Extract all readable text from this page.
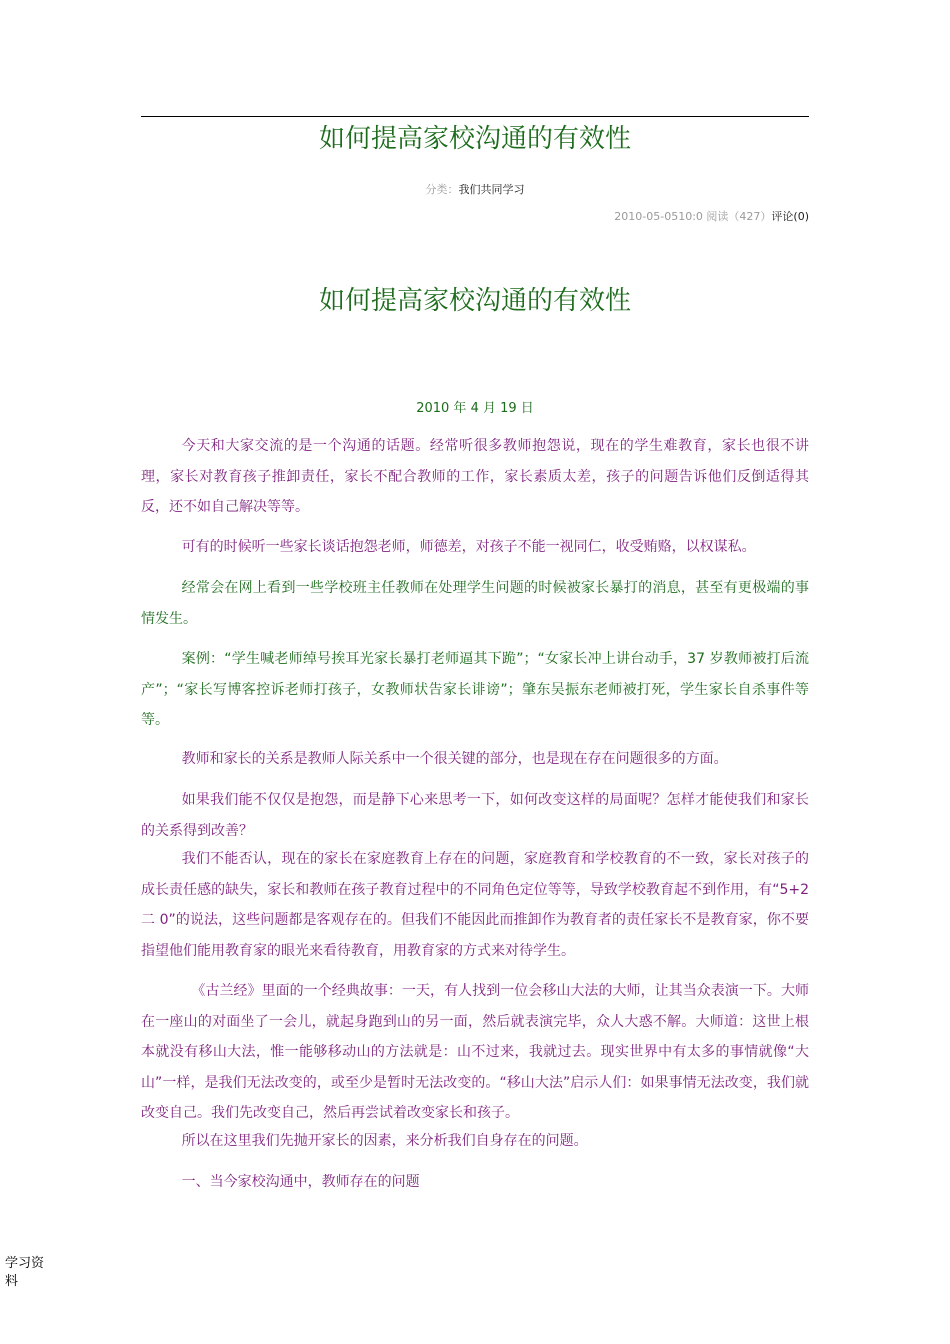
如何提高家校沟通的有效性
分类：我们共同学习
2010-05-0510:0 阅读（427）评论(0)
如何提高家校沟通的有效性
2010 年 4 月 19 日

今天和大家交流的是一个沟通的话题。经常听很多教师抱怨说，现在的学生难教育，家长也很不讲理，家长对教育孩子推卸责任，家长不配合教师的工作，家长素质太差，孩子的问题告诉他们反倒适得其反，还不如自己解决等等。

可有的时候听一些家长谈话抱怨老师，师德差，对孩子不能一视同仁，收受贿赂，以权谋私。

经常会在网上看到一些学校班主任教师在处理学生问题的时候被家长暴打的消息，甚至有更极端的事情发生。

案例：“学生喊老师绰号挨耳光家长暴打老师逼其下跪”；“女家长冲上讲台动手，37 岁教师被打后流产”；“家长写博客控诉老师打孩子，女教师状告家长诽谤”；肇东吴振东老师被打死，学生家长自杀事件等等。

教师和家长的关系是教师人际关系中一个很关键的部分，也是现在存在问题很多的方面。

如果我们能不仅仅是抱怨，而是静下心来思考一下，如何改变这样的局面呢？怎样才能使我们和家长的关系得到改善？

我们不能否认，现在的家长在家庭教育上存在的问题，家庭教育和学校教育的不一致，家长对孩子的成长责任感的缺失，家长和教师在孩子教育过程中的不同角色定位等等，导致学校教育起不到作用，有“5+2 二 0”的说法，这些问题都是客观存在的。但我们不能因此而推卸作为教育者的责任家长不是教育家，你不要指望他们能用教育家的眼光来看待教育，用教育家的方式来对待学生。

《古兰经》里面的一个经典故事：一天，有人找到一位会移山大法的大师，让其当众表演一下。大师在一座山的对面坐了一会儿，就起身跑到山的另一面，然后就表演完毕，众人大惑不解。大师道：这世上根本就没有移山大法，惟一能够移动山的方法就是：山不过来，我就过去。现实世界中有太多的事情就像“大山”一样，是我们无法改变的，或至少是暂时无法改变的。“移山大法”启示人们：如果事情无法改变，我们就改变自己。我们先改变自己，然后再尝试着改变家长和孩子。

所以在这里我们先抛开家长的因素，来分析我们自身存在的问题。

一、当今家校沟通中，教师存在的问题

学习资料
